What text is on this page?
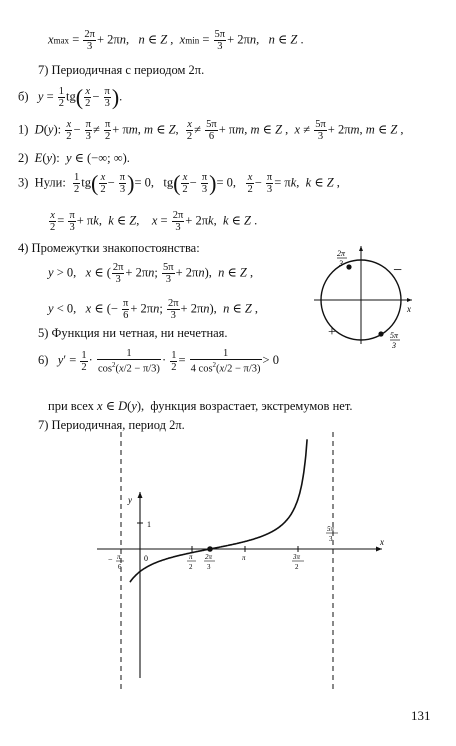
$xmax = \frac{2\pi}{3} + 2\pi n$,   n ∈ Z ,  $xmin = \frac{5\pi}{3} + 2\pi n$,   n ∈ Z .
7) Периодичная с периодом 2π.
б)   $y = \frac{1}{2} tg( \frac{x}{2} - \frac{\pi}{3}$ ).
1)  D(y): $\frac{x}{2} - \frac{\pi}{3} \ne \frac{\pi}{2} + \pi m$, m ∈ Z, $\frac{x}{2} \ne \frac{5\pi}{6} + \pi m$, m ∈ Z ,  $x \ne \frac{5\pi}{3} + 2\pi m$, m ∈ Z ,
2)  E(y):  y ∈ (−∞; ∞).
3)  Нули: $\frac{1}{2} tg( \frac{x}{2} - \frac{\pi}{3}$ )= 0,   $tg( \frac{x}{2} - \frac{\pi}{3}$ )= 0, $\frac{x}{2} - \frac{\pi}{3} = \pi k$,  k ∈ Z ,
$\frac{x}{2} = \frac{\pi}{3} + \pi k$,  k ∈ Z,    $x = \frac{2\pi}{3} + 2\pi k$,  k ∈ Z .
4) Промежутки знакопостоянства:
y > 0,   x ∈ ( $\frac{2\pi}{3} + 2\pi n$; $\frac{5\pi}{3} + 2\pi n$),  n ∈ Z ,
y < 0,   x ∈ (− $\frac{\pi}{6} + 2\pi n$; $\frac{2\pi}{3} + 2\pi n$),  n ∈ Z ,
2π
3
5π
3
−
+
x
5) Функция ни четная, ни нечетная.
6)   $y' = \frac{1}{2} \cdot \frac{1}{\cos^2(x/2 - \pi/3)} \cdot \frac{1}{2} = \frac{1}{4 \cos^2(x/2 - \pi/3)} > 0$
при всех x ∈ D(y),  функция возрастает, экстремумов нет.
7) Периодичная, период 2π.
x
y
1
0
− π
6
π
2
2π
3
π	3π
2
5π
3
131
